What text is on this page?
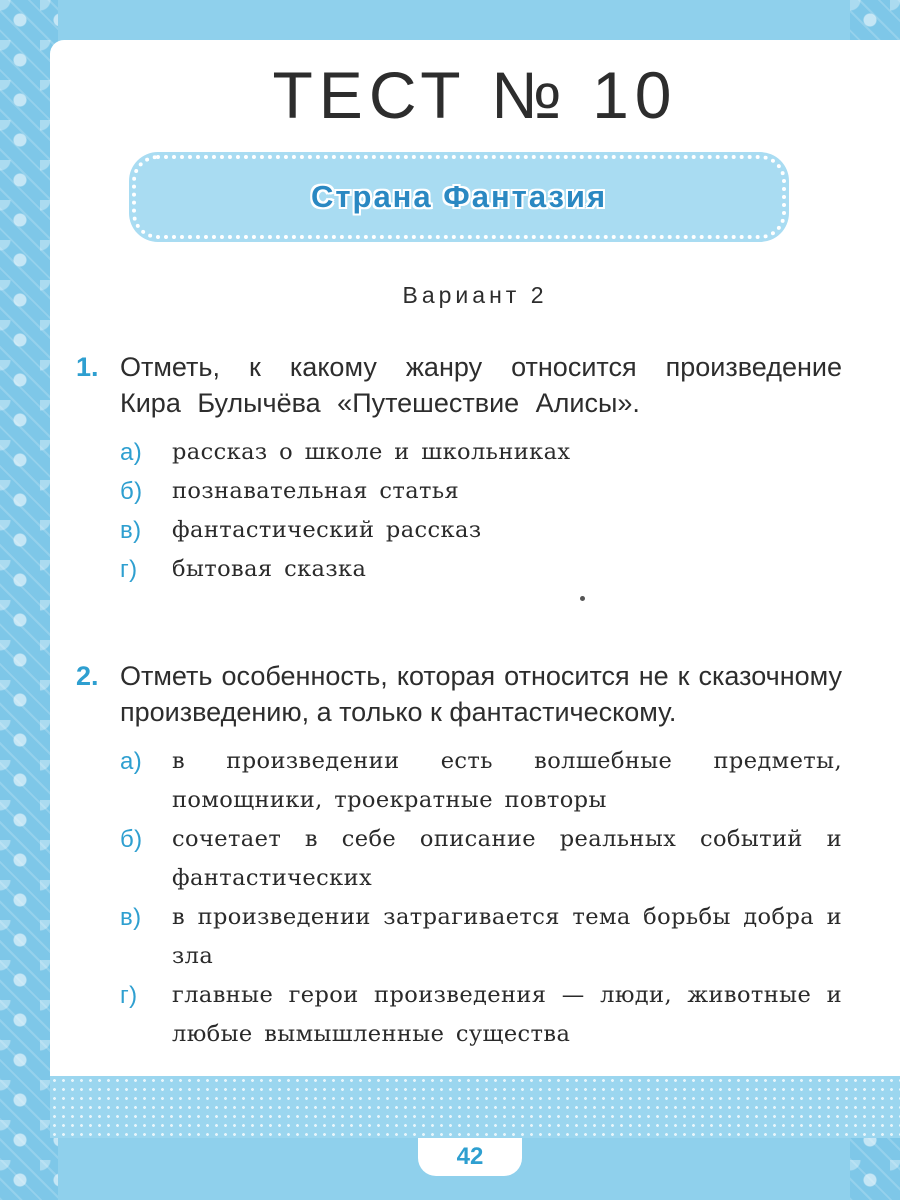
ТЕСТ № 10
Страна Фантазия
Вариант 2
1. Отметь, к какому жанру относится произведение Кира Булычёва «Путешествие Алисы».
а) рассказ о школе и школьниках
б) познавательная статья
в) фантастический рассказ
г) бытовая сказка
2. Отметь особенность, которая относится не к сказочному произведению, а только к фантастическому.
а) в произведении есть волшебные предметы, помощники, троекратные повторы
б) сочетает в себе описание реальных событий и фантастических
в) в произведении затрагивается тема борьбы добра и зла
г) главные герои произведения — люди, животные и любые вымышленные существа
42
